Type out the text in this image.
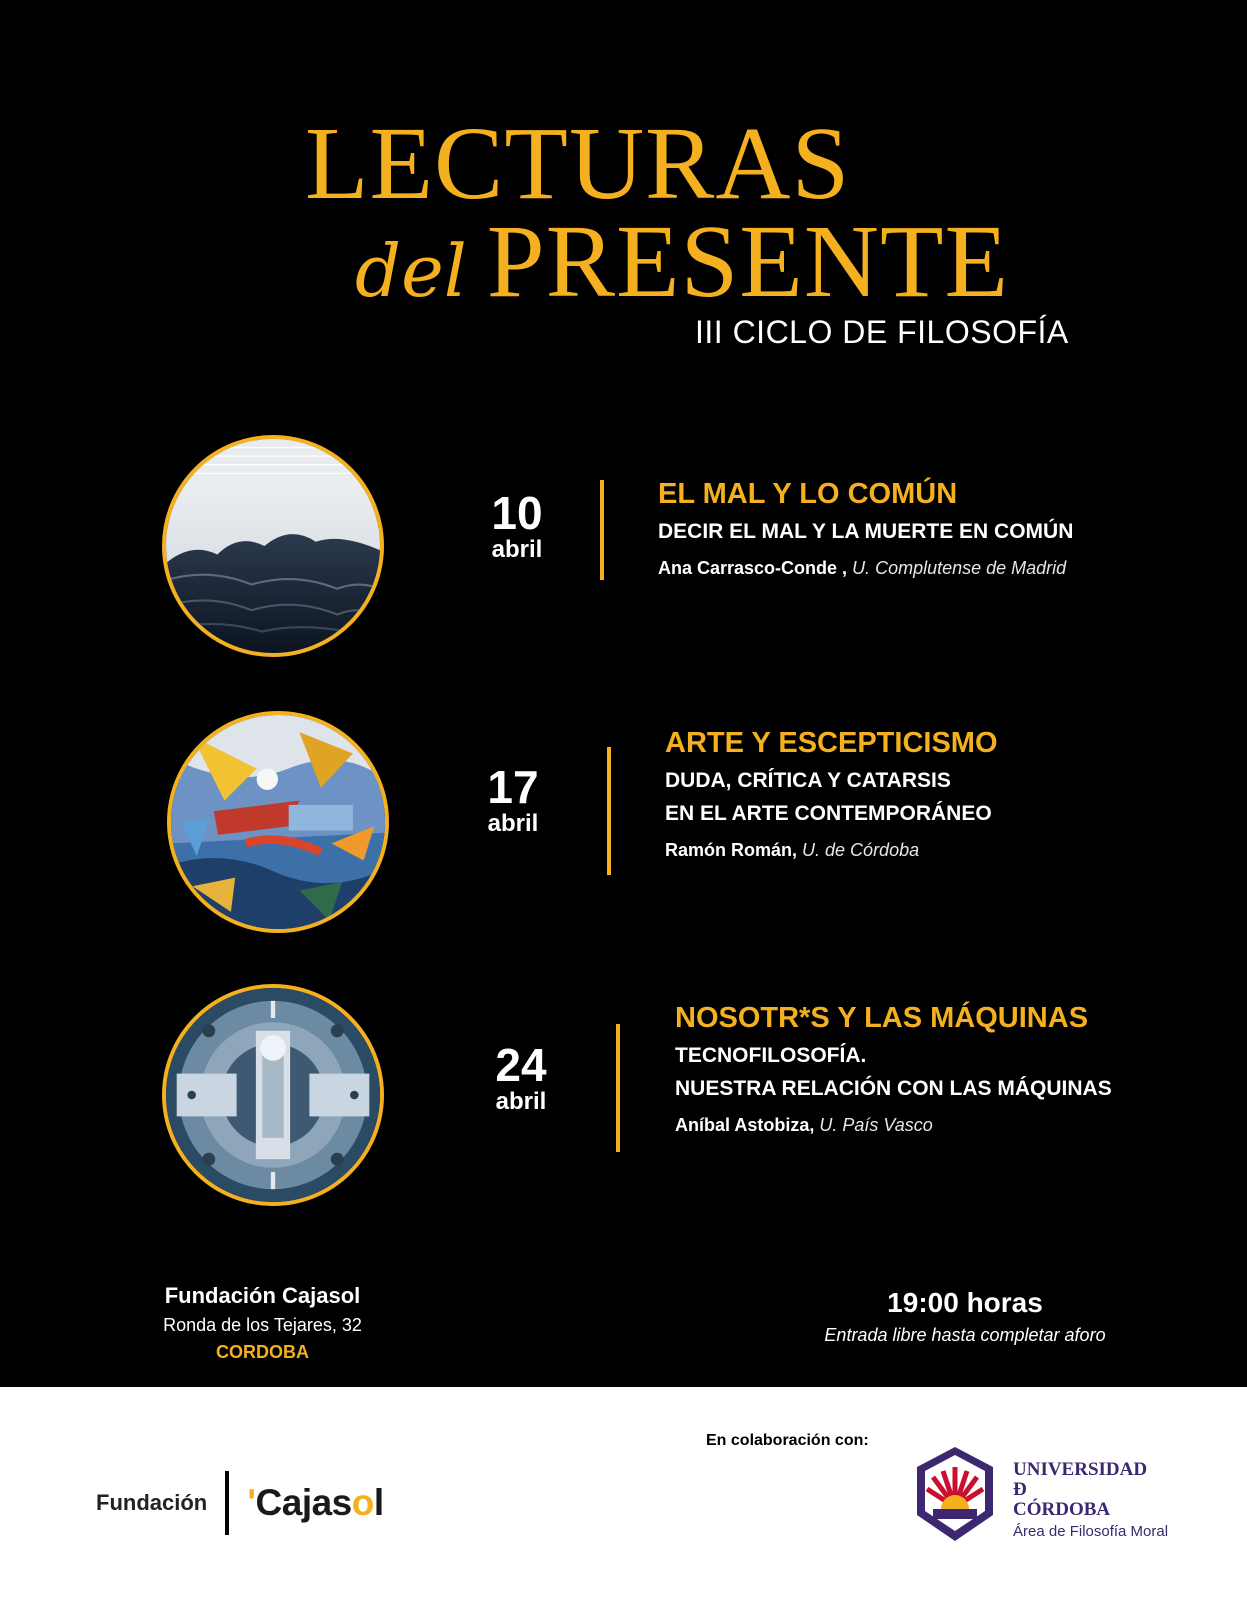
LECTURAS
del PRESENTE
III CICLO DE FILOSOFÍA
10
abril
EL MAL Y LO COMÚN
DECIR EL MAL Y LA MUERTE EN COMÚN
Ana Carrasco-Conde , U. Complutense de Madrid
17
abril
ARTE Y ESCEPTICISMO
DUDA, CRÍTICA Y CATARSIS
EN EL ARTE CONTEMPORÁNEO
Ramón Román, U. de Córdoba
24
abril
NOSOTR*S Y LAS MÁQUINAS
TECNOFILOSOFÍA.
NUESTRA RELACIÓN CON LAS MÁQUINAS
Aníbal Astobiza, U. País Vasco
Fundación Cajasol
Ronda de los Tejares, 32
CORDOBA
19:00 horas
Entrada libre hasta completar aforo
En colaboración con:
Fundación 'Cajasol
UNIVERSIDAD
Đ
CÓRDOBA
Área de Filosofía Moral
